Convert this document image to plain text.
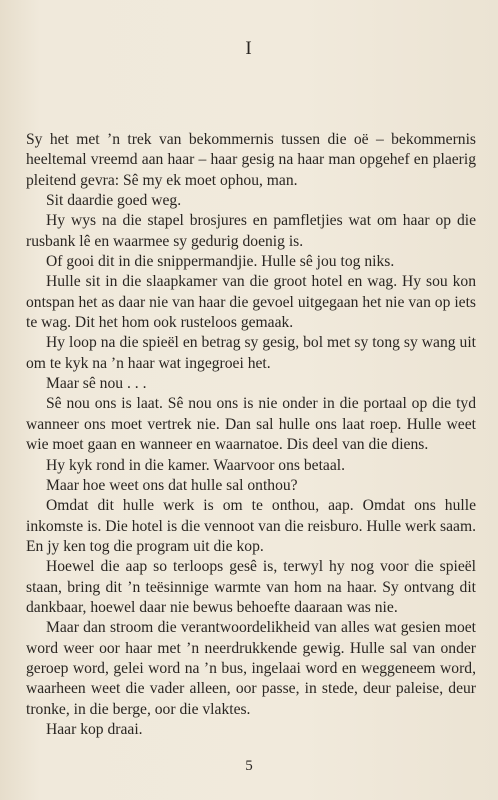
I

Sy het met ’n trek van bekommernis tussen die oë – bekommernis heeltemal vreemd aan haar – haar gesig na haar man opgehef en plaerig pleitend gevra: Sê my ek moet ophou, man.

Sit daardie goed weg.

Hy wys na die stapel brosjures en pamfletjies wat om haar op die rusbank lê en waarmee sy gedurig doenig is.

Of gooi dit in die snippermandjie. Hulle sê jou tog niks.

Hulle sit in die slaapkamer van die groot hotel en wag. Hy sou kon ontspan het as daar nie van haar die gevoel uitgegaan het nie van op iets te wag. Dit het hom ook rusteloos gemaak.

Hy loop na die spieël en betrag sy gesig, bol met sy tong sy wang uit om te kyk na ’n haar wat ingegroei het.

Maar sê nou . . .

Sê nou ons is laat. Sê nou ons is nie onder in die portaal op die tyd wanneer ons moet vertrek nie. Dan sal hulle ons laat roep. Hulle weet wie moet gaan en wanneer en waarnatoe. Dis deel van die diens.

Hy kyk rond in die kamer. Waarvoor ons betaal.

Maar hoe weet ons dat hulle sal onthou?

Omdat dit hulle werk is om te onthou, aap. Omdat ons hulle inkomste is. Die hotel is die vennoot van die reisburo. Hulle werk saam. En jy ken tog die program uit die kop.

Hoewel die aap so terloops gesê is, terwyl hy nog voor die spieël staan, bring dit ’n teësinnige warmte van hom na haar. Sy ontvang dit dankbaar, hoewel daar nie bewus behoefte daaraan was nie.

Maar dan stroom die verantwoordelikheid van alles wat gesien moet word weer oor haar met ’n neerdrukkende gewig. Hulle sal van onder geroep word, gelei word na ’n bus, ingelaai word en weggeneem word, waarheen weet die vader alleen, oor passe, in stede, deur paleise, deur tronke, in die berge, oor die vlaktes.

Haar kop draai.

5
